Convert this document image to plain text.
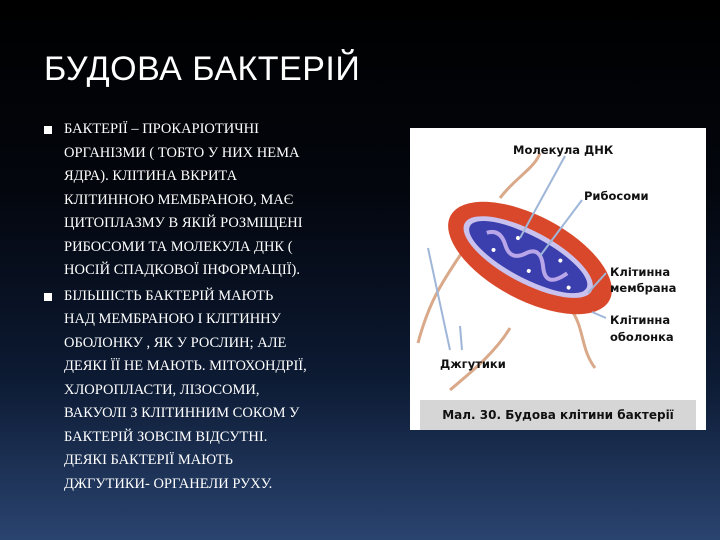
БУДОВА БАКТЕРІЙ
БАКТЕРІЇ – ПРОКАРІОТИЧНІ
ОРГАНІЗМИ ( ТОБТО У НИХ НЕМА
ЯДРА). КЛІТИНА ВКРИТА
КЛІТИННОЮ МЕМБРАНОЮ, МАЄ
ЦИТОПЛАЗМУ В ЯКІЙ РОЗМІЩЕНІ
РИБОСОМИ ТА МОЛЕКУЛА ДНК (
НОСІЙ СПАДКОВОЇ ІНФОРМАЦІЇ).
БІЛЬШІСТЬ БАКТЕРІЙ МАЮТЬ
НАД МЕМБРАНОЮ І КЛІТИННУ
ОБОЛОНКУ , ЯК У РОСЛИН; АЛЕ
ДЕЯКІ ЇЇ НЕ МАЮТЬ. МІТОХОНДРІЇ,
ХЛОРОПЛАСТИ, ЛІЗОСОМИ,
ВАКУОЛІ З КЛІТИННИМ СОКОМ У
БАКТЕРІЙ ЗОВСІМ ВІДСУТНІ.
ДЕЯКІ БАКТЕРІЇ МАЮТЬ
ДЖГУТИКИ- ОРГАНЕЛИ РУХУ.
Молекула ДНК
Рибосоми
Клітинна
мембрана
Клітинна
оболонка
Джгутики
Мал. 30. Будова клітини бактерії
